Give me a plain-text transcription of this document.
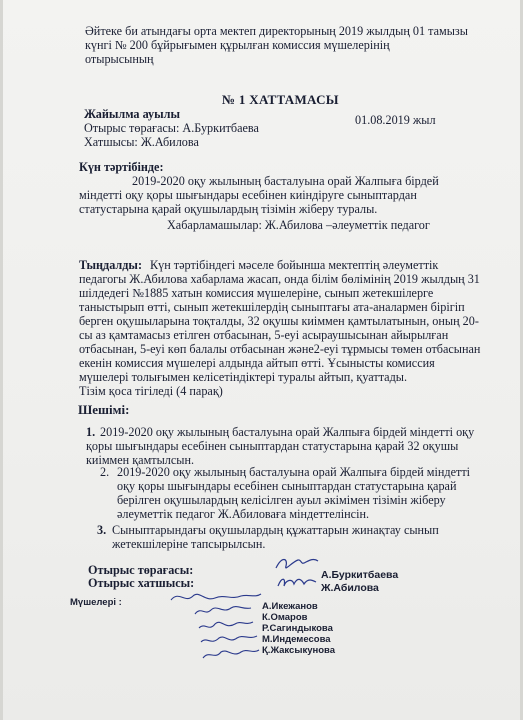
Әйтеке би атындағы орта мектеп директорының 2019 жылдың 01 тамызы
күнгі № 200 бұйрығымен құрылған комиссия мүшелерінің
отырысының
№ 1 ХАТТАМАСЫ
Жайылма ауылы	01.08.2019 жыл
Отырыс төрағасы: А.Буркитбаева
Хатшысы: Ж.Абилова
Күн тәртібінде:
2019-2020 оқу жылының басталуына орай Жалпыға бірдей
міндетті оқу қоры шығындары есебінен киіндіруге сыныптардан
статустарына қарай оқушылардың тізімін жіберу туралы.
Хабарламашылар: Ж.Абилова –әлеуметтік педагог
Тыңдалды: Күн тәртібіндегі мәселе бойынша мектептің әлеуметтік
педагогы Ж.Абилова хабарлама жасап, онда білім бөлімінің 2019 жылдың 31
шілдедегі №1885 хатын комиссия мүшелеріне, сынып жетекшілерге
таныстырып өтті, сынып жетекшілердің сыныптағы ата-аналармен бірігіп
берген оқушыларына тоқталды, 32 оқушы киіммен қамтылатынын, оның 20-
сы аз қамтамасыз етілген отбасынан, 5-еуі асыраушысынан айырылған
отбасынан, 5-еуі көп балалы отбасынан және2-еуі тұрмысы төмен отбасынан
екенін комиссия мүшелері алдында айтып өтті. Ұсынысты комиссия
мүшелері толығымен келісетіндіктері туралы айтып, қуаттады.
Тізім қоса тігіледі (4 парақ)
Шешімі:
1. 2019-2020 оқу жылының басталуына орай Жалпыға бірдей міндетті оқу
қоры шығындары есебінен сыныптардан статустарына қарай 32 оқушы
киіммен қамтылсын.
2. 2019-2020 оқу жылының басталуына орай Жалпыға бірдей міндетті
оқу қоры шығындары есебінен сыныптардан статустарына қарай
берілген оқушылардың келісілген ауыл әкімімен тізімін жіберу
әлеуметтік педагог Ж.Абиловаға міндеттелінсін.
3. Сыныптарындағы оқушылардың құжаттарын жинақтау сынып
жетекшілеріне тапсырылсын.
Отырыс төрағасы:
Отырыс хатшысы:
А.Буркитбаева
Ж.Абилова
Мүшелері :	А.Икежанов
К.Омаров
Р.Сагиндыкова
М.Индемесова
Қ.Жаксыкунова
